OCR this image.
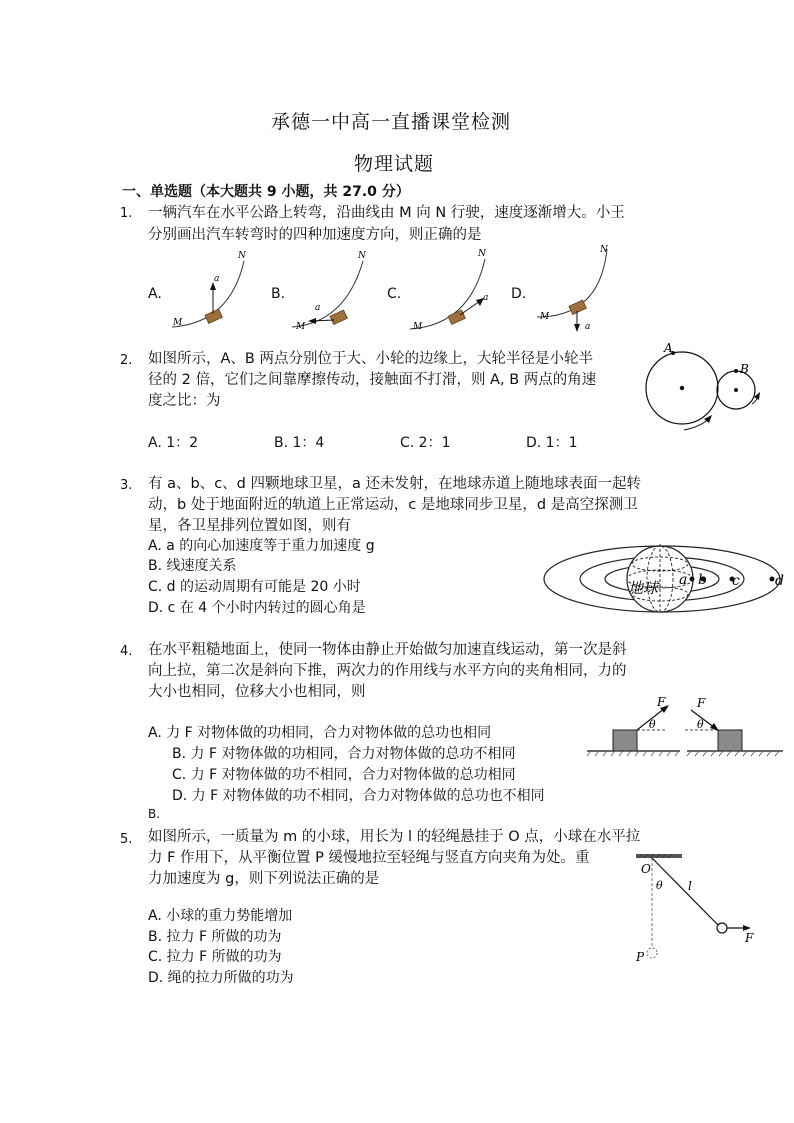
承德一中高一直播课堂检测
物理试题
一、单选题（本大题共 9 小题，共 27.0 分）
1. 一辆汽车在水平公路上转弯，沿曲线由 M 向 N 行驶，速度逐渐增大。小王
分别画出汽车转弯时的四种加速度方向，则正确的是
A.	B.	C.	D.
M
N
a
M
N
a
M
N
a
M
N
a
2. 如图所示，A、B 两点分别位于大、小轮的边缘上，大轮半径是小轮半
径的 2 倍，它们之间靠摩擦传动，接触面不打滑，则 A, B 两点的角速
度之比：为
A. 1：2	B. 1：4	C. 2：1	D. 1：1
A
B
3. 有 a、b、c、d 四颗地球卫星，a 还未发射，在地球赤道上随地球表面一起转
动，b 处于地面附近的轨道上正常运动，c 是地球同步卫星，d 是高空探测卫
星，各卫星排列位置如图，则有
A. a 的向心加速度等于重力加速度 g
B. 线速度关系
C. d 的运动周期有可能是 20 小时
D. c 在 4 个小时内转过的圆心角是
地球 a b c	d
4. 在水平粗糙地面上，使同一物体由静止开始做匀加速直线运动，第一次是斜
向上拉，第二次是斜向下推，两次力的作用线与水平方向的夹角相同，力的
大小也相同，位移大小也相同，则
A. 力 F 对物体做的功相同，合力对物体做的总功也相同
B. 力 F 对物体做的功相同，合力对物体做的总功不相同
C. 力 F 对物体做的功不相同，合力对物体做的总功相同
D. 力 F 对物体做的功不相同，合力对物体做的总功也不相同
B.
F
θ
F
θ
5. 如图所示，一质量为 m 的小球，用长为 l 的轻绳悬挂于 O 点，小球在水平拉
力 F 作用下，从平衡位置 P 缓慢地拉至轻绳与竖直方向夹角为处。重
力加速度为 g，则下列说法正确的是
A. 小球的重力势能增加
B. 拉力 F 所做的功为
C. 拉力 F 所做的功为
D. 绳的拉力所做的功为
O
θ l
F
P
